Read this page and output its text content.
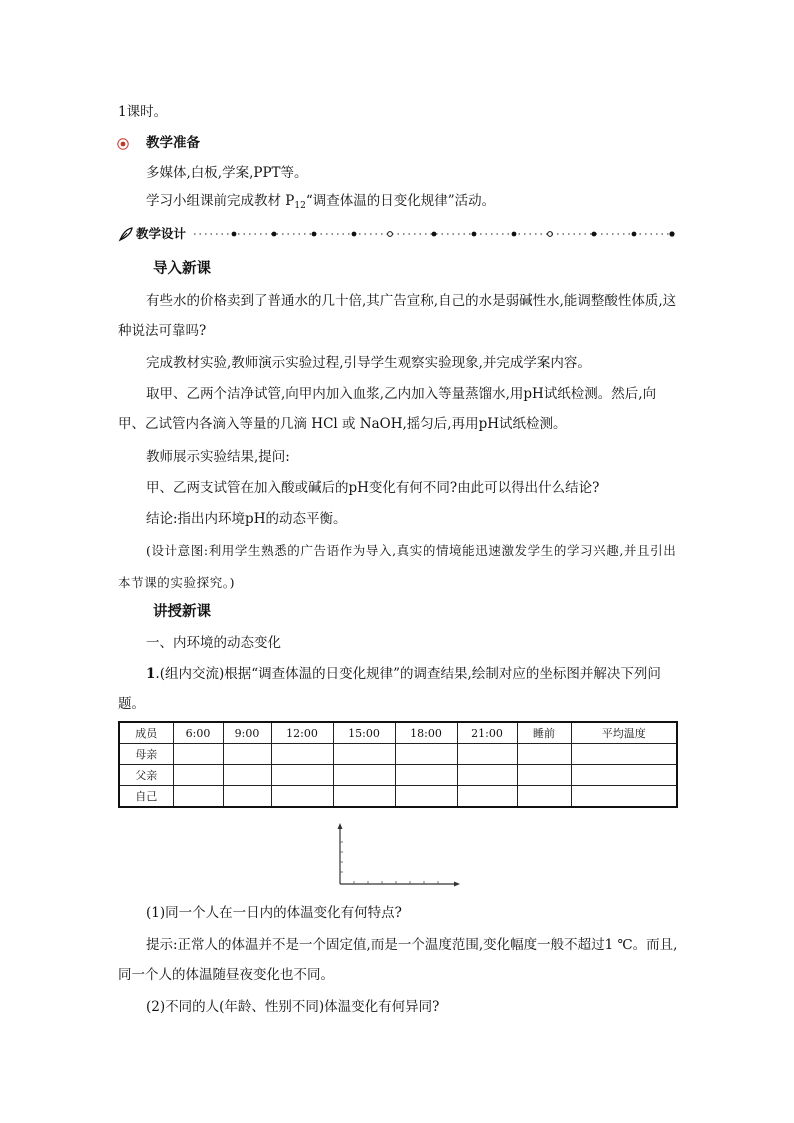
1课时。

教学准备

多媒体,白板,学案,PPT等。

学习小组课前完成教材 $P_{12}“$调查体温的日变化规律”活动。

教学设计
导入新课

有些水的价格卖到了普通水的几十倍,其广告宣称,自己的水是弱碱性水,能调整酸性体质,这种说法可靠吗?

完成教材实验,教师演示实验过程,引导学生观察实验现象,并完成学案内容。

取甲、乙两个洁净试管,向甲内加入血浆,乙内加入等量蒸馏水,用pH试纸检测。然后,向甲、乙试管内各滴入等量的几滴 HCl 或 NaOH,摇匀后,再用pH试纸检测。

教师展示实验结果,提问:

甲、乙两支试管在加入酸或碱后的pH变化有何不同?由此可以得出什么结论?

结论:指出内环境pH的动态平衡。

(设计意图:利用学生熟悉的广告语作为导入,真实的情境能迅速激发学生的学习兴趣,并且引出本节课的实验探究。)

讲授新课

一、内环境的动态变化

1.(组内交流)根据“调查体温的日变化规律”的调查结果,绘制对应的坐标图并解决下列问题。

成员	6:00	9:00	12:00	15:00	18:00	21:00	睡前	平均温度
母亲								
父亲								
自己								

(1)同一个人在一日内的体温变化有何特点?

提示:正常人的体温并不是一个固定值,而是一个温度范围,变化幅度一般不超过1 ℃。而且,同一个人的体温随昼夜变化也不同。

(2)不同的人(年龄、性别不同)体温变化有何异同?
